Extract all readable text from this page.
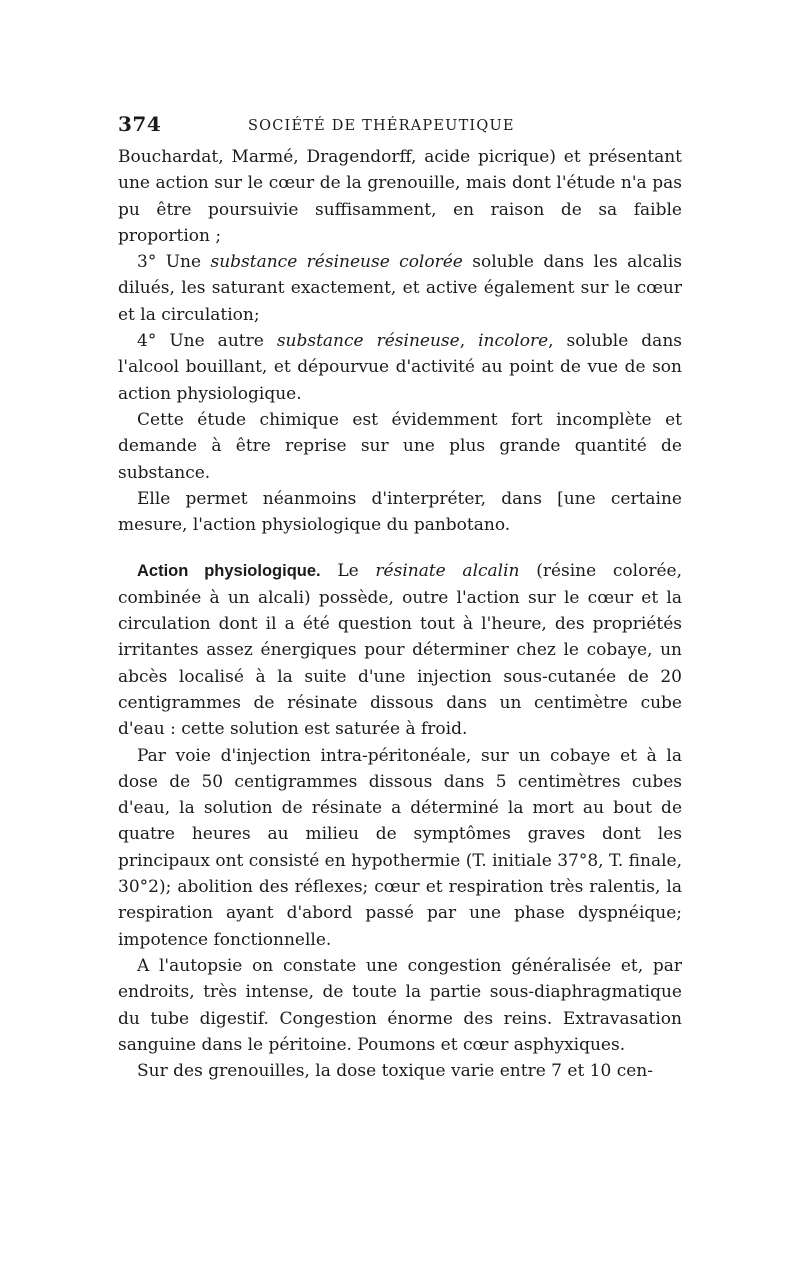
374	SOCIÉTÉ DE THÉRAPEUTIQUE

Bouchardat, Marmé, Dragendorff, acide picrique) et présentant une action sur le cœur de la grenouille, mais dont l'étude n'a pas pu être poursuivie suffisamment, en raison de sa faible proportion ;

3° Une substance résineuse colorée soluble dans les alcalis dilués, les saturant exactement, et active également sur le cœur et la circulation;

4° Une autre substance résineuse, incolore, soluble dans l'alcool bouillant, et dépourvue d'activité au point de vue de son action physiologique.

Cette étude chimique est évidemment fort incomplète et demande à être reprise sur une plus grande quantité de substance.

Elle permet néanmoins d'interpréter, dans [une certaine mesure, l'action physiologique du panbotano.

Action physiologique. Le résinate alcalin (résine colorée, combinée à un alcali) possède, outre l'action sur le cœur et la circulation dont il a été question tout à l'heure, des propriétés irritantes assez énergiques pour déterminer chez le cobaye, un abcès localisé à la suite d'une injection sous-cutanée de 20 centigrammes de résinate dissous dans un centimètre cube d'eau : cette solution est saturée à froid.

Par voie d'injection intra-péritonéale, sur un cobaye et à la dose de 50 centigrammes dissous dans 5 centimètres cubes d'eau, la solution de résinate a déterminé la mort au bout de quatre heures au milieu de symptômes graves dont les principaux ont consisté en hypothermie (T. initiale 37°8, T. finale, 30°2); abolition des réflexes; cœur et respiration très ralentis, la respiration ayant d'abord passé par une phase dyspnéique; impotence fonctionnelle.

A l'autopsie on constate une congestion généralisée et, par endroits, très intense, de toute la partie sous-diaphragmatique du tube digestif. Congestion énorme des reins. Extravasation sanguine dans le péritoine. Poumons et cœur asphyxiques.

Sur des grenouilles, la dose toxique varie entre 7 et 10 cen-
